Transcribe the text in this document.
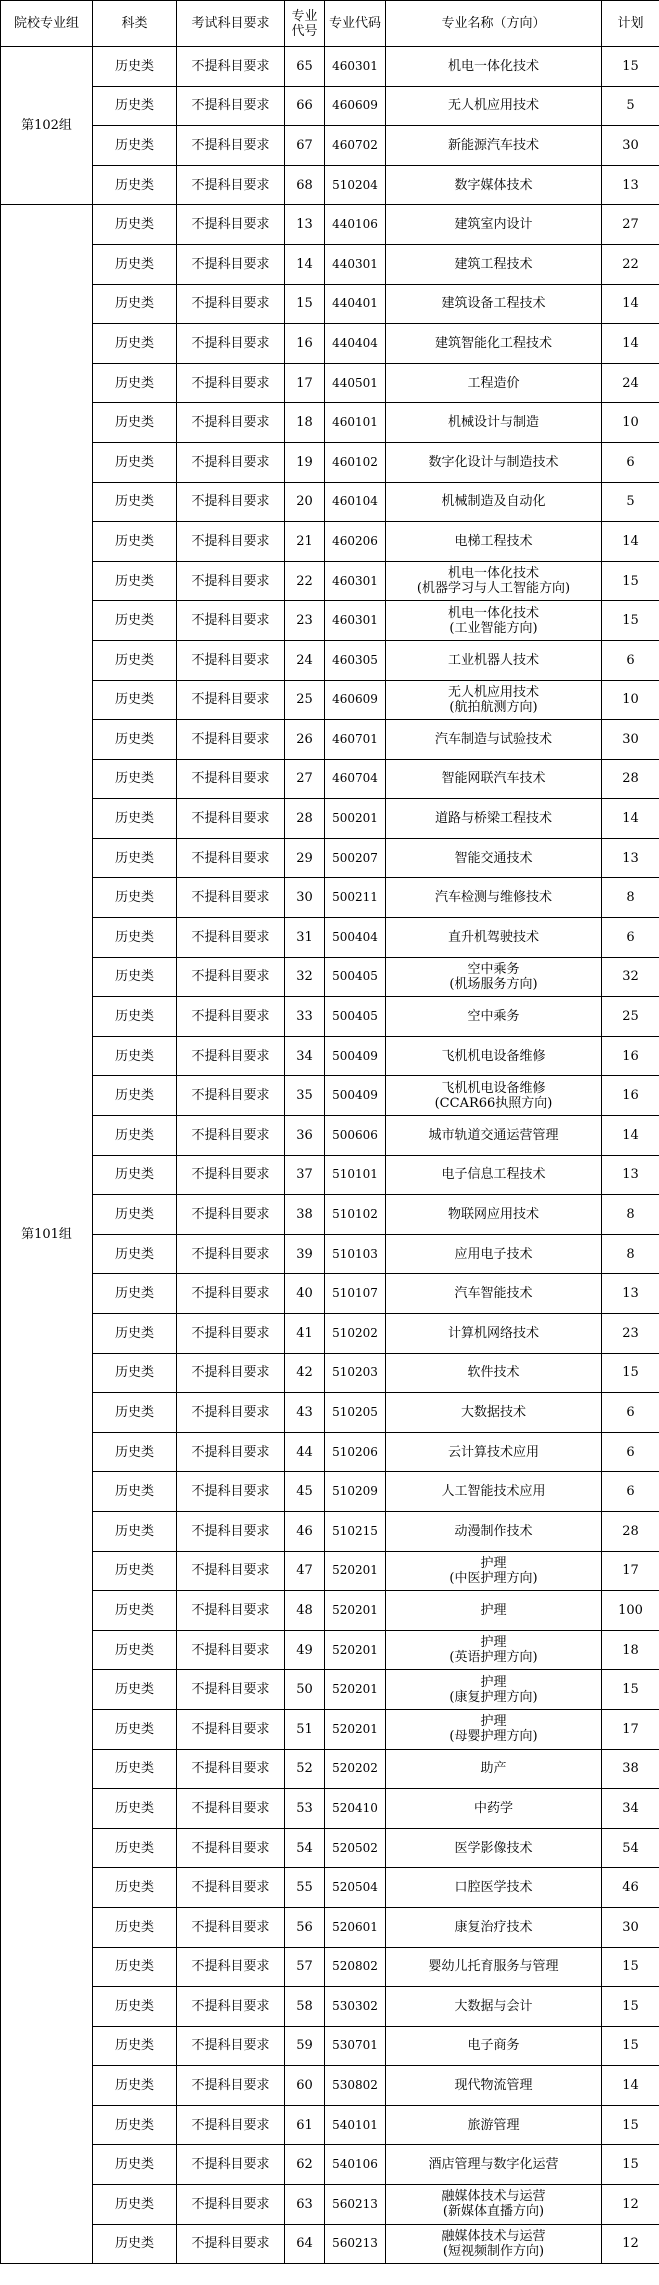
院校专业组	科类	考试科目要求	专业代号	专业代码	专业名称（方向）	计划
第102组	历史类	不提科目要求	65	460301	机电一体化技术	15
	历史类	不提科目要求	66	460609	无人机应用技术	5
	历史类	不提科目要求	67	460702	新能源汽车技术	30
	历史类	不提科目要求	68	510204	数字媒体技术	13
第101组	历史类	不提科目要求	13	440106	建筑室内设计	27
	历史类	不提科目要求	14	440301	建筑工程技术	22
	历史类	不提科目要求	15	440401	建筑设备工程技术	14
	历史类	不提科目要求	16	440404	建筑智能化工程技术	14
	历史类	不提科目要求	17	440501	工程造价	24
	历史类	不提科目要求	18	460101	机械设计与制造	10
	历史类	不提科目要求	19	460102	数字化设计与制造技术	6
	历史类	不提科目要求	20	460104	机械制造及自动化	5
	历史类	不提科目要求	21	460206	电梯工程技术	14
	历史类	不提科目要求	22	460301	机电一体化技术
(机器学习与人工智能方向)	15
	历史类	不提科目要求	23	460301	机电一体化技术
(工业智能方向)	15
	历史类	不提科目要求	24	460305	工业机器人技术	6
	历史类	不提科目要求	25	460609	无人机应用技术
(航拍航测方向)	10
	历史类	不提科目要求	26	460701	汽车制造与试验技术	30
	历史类	不提科目要求	27	460704	智能网联汽车技术	28
	历史类	不提科目要求	28	500201	道路与桥梁工程技术	14
	历史类	不提科目要求	29	500207	智能交通技术	13
	历史类	不提科目要求	30	500211	汽车检测与维修技术	8
	历史类	不提科目要求	31	500404	直升机驾驶技术	6
	历史类	不提科目要求	32	500405	空中乘务
(机场服务方向)	32
	历史类	不提科目要求	33	500405	空中乘务	25
	历史类	不提科目要求	34	500409	飞机机电设备维修	16
	历史类	不提科目要求	35	500409	飞机机电设备维修
(CCAR66执照方向)	16
	历史类	不提科目要求	36	500606	城市轨道交通运营管理	14
	历史类	不提科目要求	37	510101	电子信息工程技术	13
	历史类	不提科目要求	38	510102	物联网应用技术	8
	历史类	不提科目要求	39	510103	应用电子技术	8
	历史类	不提科目要求	40	510107	汽车智能技术	13
	历史类	不提科目要求	41	510202	计算机网络技术	23
	历史类	不提科目要求	42	510203	软件技术	15
	历史类	不提科目要求	43	510205	大数据技术	6
	历史类	不提科目要求	44	510206	云计算技术应用	6
	历史类	不提科目要求	45	510209	人工智能技术应用	6
	历史类	不提科目要求	46	510215	动漫制作技术	28
	历史类	不提科目要求	47	520201	护理
(中医护理方向)	17
	历史类	不提科目要求	48	520201	护理	100
	历史类	不提科目要求	49	520201	护理
(英语护理方向)	18
	历史类	不提科目要求	50	520201	护理
(康复护理方向)	15
	历史类	不提科目要求	51	520201	护理
(母婴护理方向)	17
	历史类	不提科目要求	52	520202	助产	38
	历史类	不提科目要求	53	520410	中药学	34
	历史类	不提科目要求	54	520502	医学影像技术	54
	历史类	不提科目要求	55	520504	口腔医学技术	46
	历史类	不提科目要求	56	520601	康复治疗技术	30
	历史类	不提科目要求	57	520802	婴幼儿托育服务与管理	15
	历史类	不提科目要求	58	530302	大数据与会计	15
	历史类	不提科目要求	59	530701	电子商务	15
	历史类	不提科目要求	60	530802	现代物流管理	14
	历史类	不提科目要求	61	540101	旅游管理	15
	历史类	不提科目要求	62	540106	酒店管理与数字化运营	15
	历史类	不提科目要求	63	560213	融媒体技术与运营
(新媒体直播方向)	12
	历史类	不提科目要求	64	560213	融媒体技术与运营
(短视频制作方向)	12
